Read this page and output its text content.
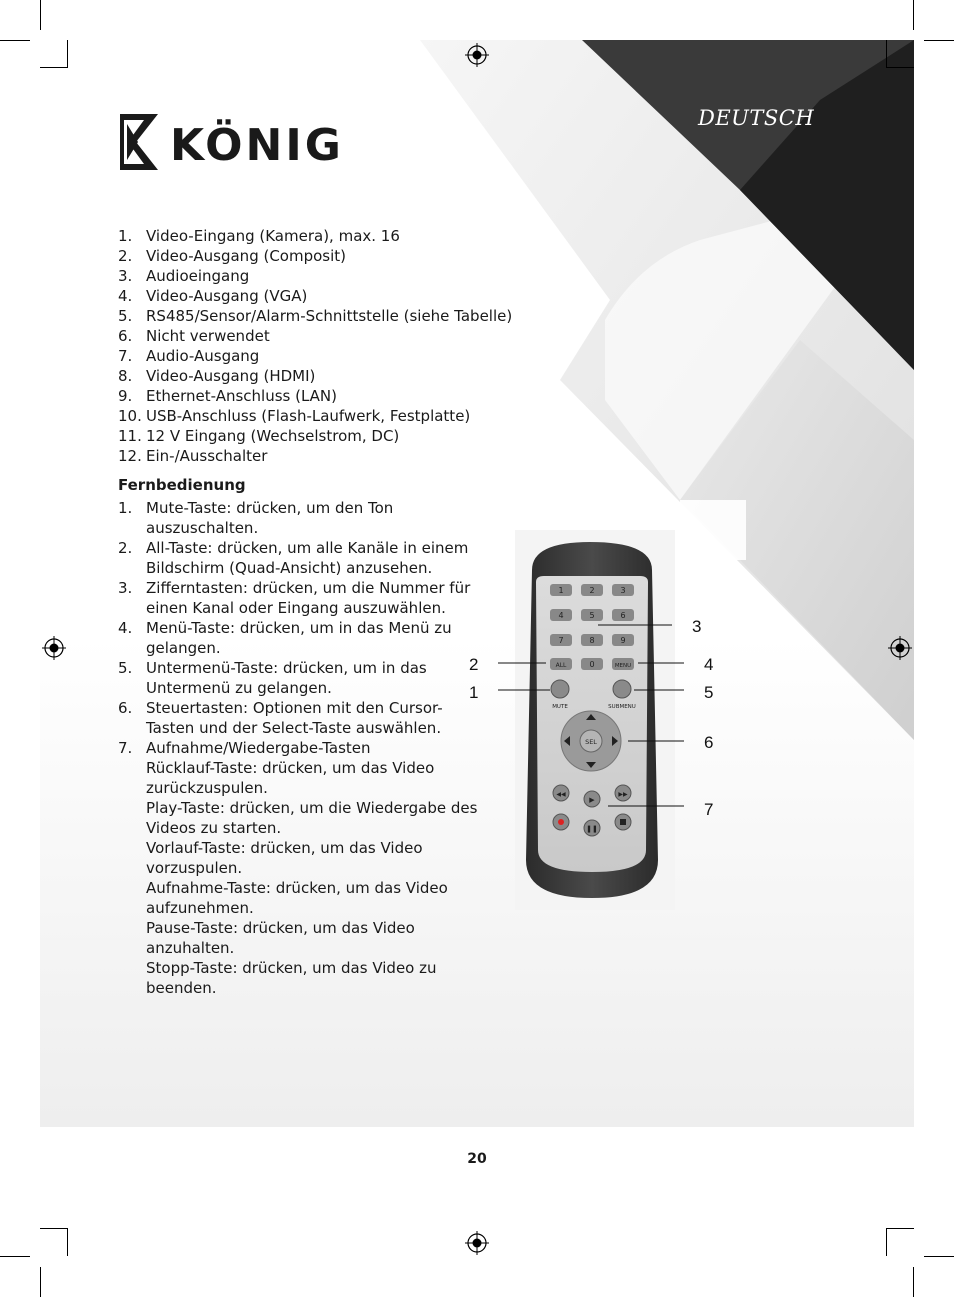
KÖNIG
DEUTSCH
1. Video-Eingang (Kamera), max. 16
2. Video-Ausgang (Composit)
3. Audioeingang
4. Video-Ausgang (VGA)
5. RS485/Sensor/Alarm-Schnittstelle (siehe Tabelle)
6. Nicht verwendet
7. Audio-Ausgang
8. Video-Ausgang (HDMI)
9. Ethernet-Anschluss (LAN)
10. USB-Anschluss (Flash-Laufwerk, Festplatte)
11. 12 V Eingang (Wechselstrom, DC)
12. Ein-/Ausschalter
Fernbedienung
1. Mute-Taste: drücken, um den Ton
auszuschalten.
2. All-Taste: drücken, um alle Kanäle in einem
Bildschirm (Quad-Ansicht) anzusehen.
3. Zifferntasten: drücken, um die Nummer für
einen Kanal oder Eingang auszuwählen.
4. Menü-Taste: drücken, um in das Menü zu
gelangen.
5. Untermenü-Taste: drücken, um in das
Untermenü zu gelangen.
6. Steuertasten: Optionen mit den Cursor-
Tasten und der Select-Taste auswählen.
7. Aufnahme/Wiedergabe-Tasten
Rücklauf-Taste: drücken, um das Video
zurückzuspulen.
Play-Taste: drücken, um die Wiedergabe des
Videos zu starten.
Vorlauf-Taste: drücken, um das Video
vorzuspulen.
Aufnahme-Taste: drücken, um das Video
aufzunehmen.
Pause-Taste: drücken, um das Video
anzuhalten.
Stopp-Taste: drücken, um das Video zu
beenden.
1	2	3
4	5	6
7	8	9
ALL	0	MENU
MUTE	SUBMENU
SEL
◀◀
▶
▶▶
❚❚
3
2	4
1	5
6
7
20
